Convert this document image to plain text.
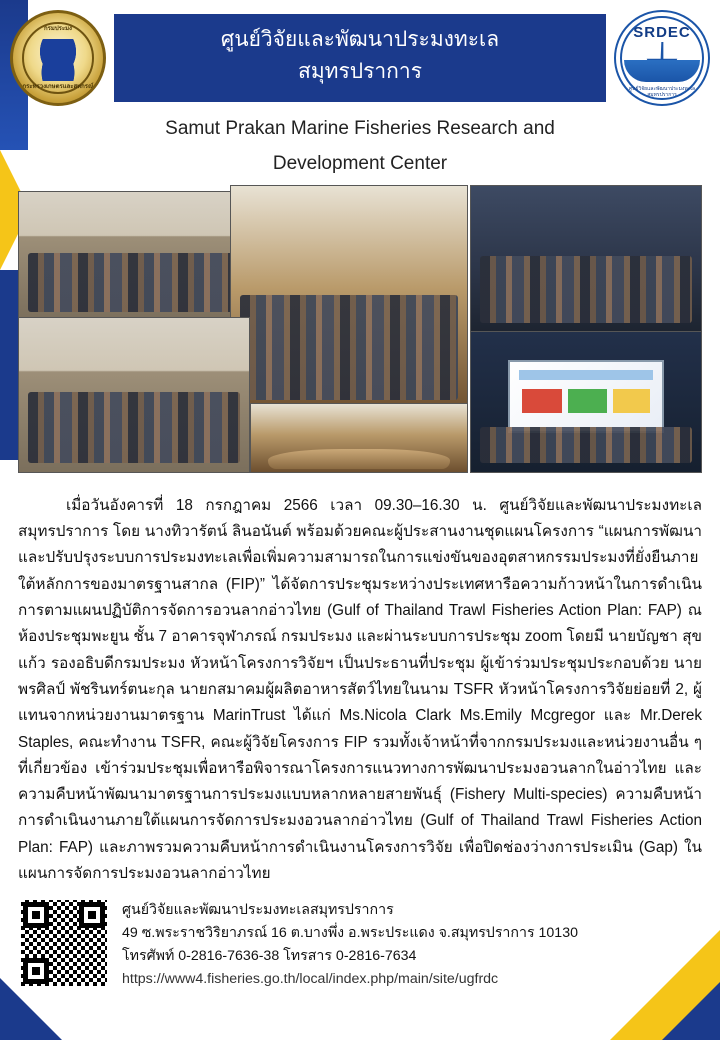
กรมประมง
กระทรวงเกษตรและสหกรณ์
ศูนย์วิจัยและพัฒนาประมงทะเล
สมุทรปราการ
SRDEC
ศูนย์วิจัยและพัฒนาประมงทะเลสมุทรปราการ
Samut Prakan Marine Fisheries Research and
Development Center

เมื่อวันอังคารที่ 18 กรกฎาคม 2566 เวลา 09.30–16.30 น. ศูนย์วิจัยและพัฒนาประมงทะเลสมุทรปราการ โดย นางทิวารัตน์ ลินอนันต์ พร้อมด้วยคณะผู้ประสานงานชุดแผนโครงการ “แผนการพัฒนาและปรับปรุงระบบการประมงทะเลเพื่อเพิ่มความสามารถในการแข่งขันของอุตสาหกรรมประมงที่ยั่งยืนภายใต้หลักการของมาตรฐานสากล (FIP)” ได้จัดการประชุมระหว่างประเทศหารือความก้าวหน้าในการดำเนินการตามแผนปฏิบัติการจัดการอวนลากอ่าวไทย (Gulf of Thailand Trawl Fisheries Action Plan: FAP) ณ ห้องประชุมพะยูน ชั้น 7 อาคารจุฬาภรณ์ กรมประมง และผ่านระบบการประชุม zoom โดยมี นายบัญชา สุขแก้ว รองอธิบดีกรมประมง หัวหน้าโครงการวิจัยฯ เป็นประธานที่ประชุม ผู้เข้าร่วมประชุมประกอบด้วย นายพรศิลป์ พัชรินทร์ตนะกุล นายกสมาคมผู้ผลิตอาหารสัตว์ไทยในนาม TSFR หัวหน้าโครงการวิจัยย่อยที่ 2, ผู้แทนจากหน่วยงานมาตรฐาน MarinTrust ได้แก่ Ms.Nicola Clark Ms.Emily Mcgregor และ Mr.Derek Staples, คณะทำงาน TSFR, คณะผู้วิจัยโครงการ FIP รวมทั้งเจ้าหน้าที่จากกรมประมงและหน่วยงานอื่น ๆ ที่เกี่ยวข้อง เข้าร่วมประชุมเพื่อหารือพิจารณาโครงการแนวทางการพัฒนาประมงอวนลากในอ่าวไทย และความคืบหน้าพัฒนามาตรฐานการประมงแบบหลากหลายสายพันธุ์ (Fishery Multi-species) ความคืบหน้าการดำเนินงานภายใต้แผนการจัดการประมงอวนลากอ่าวไทย (Gulf of Thailand Trawl Fisheries Action Plan: FAP) และภาพรวมความคืบหน้าการดำเนินงานโครงการวิจัย เพื่อปิดช่องว่างการประเมิน (Gap) ในแผนการจัดการประมงอวนลากอ่าวไทย

ศูนย์วิจัยและพัฒนาประมงทะเลสมุทรปราการ
49 ซ.พระราชวิริยาภรณ์ 16 ต.บางพึ่ง อ.พระประแดง จ.สมุทรปราการ 10130
โทรศัพท์ 0-2816-7636-38 โทรสาร 0-2816-7634
https://www4.fisheries.go.th/local/index.php/main/site/ugfrdc
